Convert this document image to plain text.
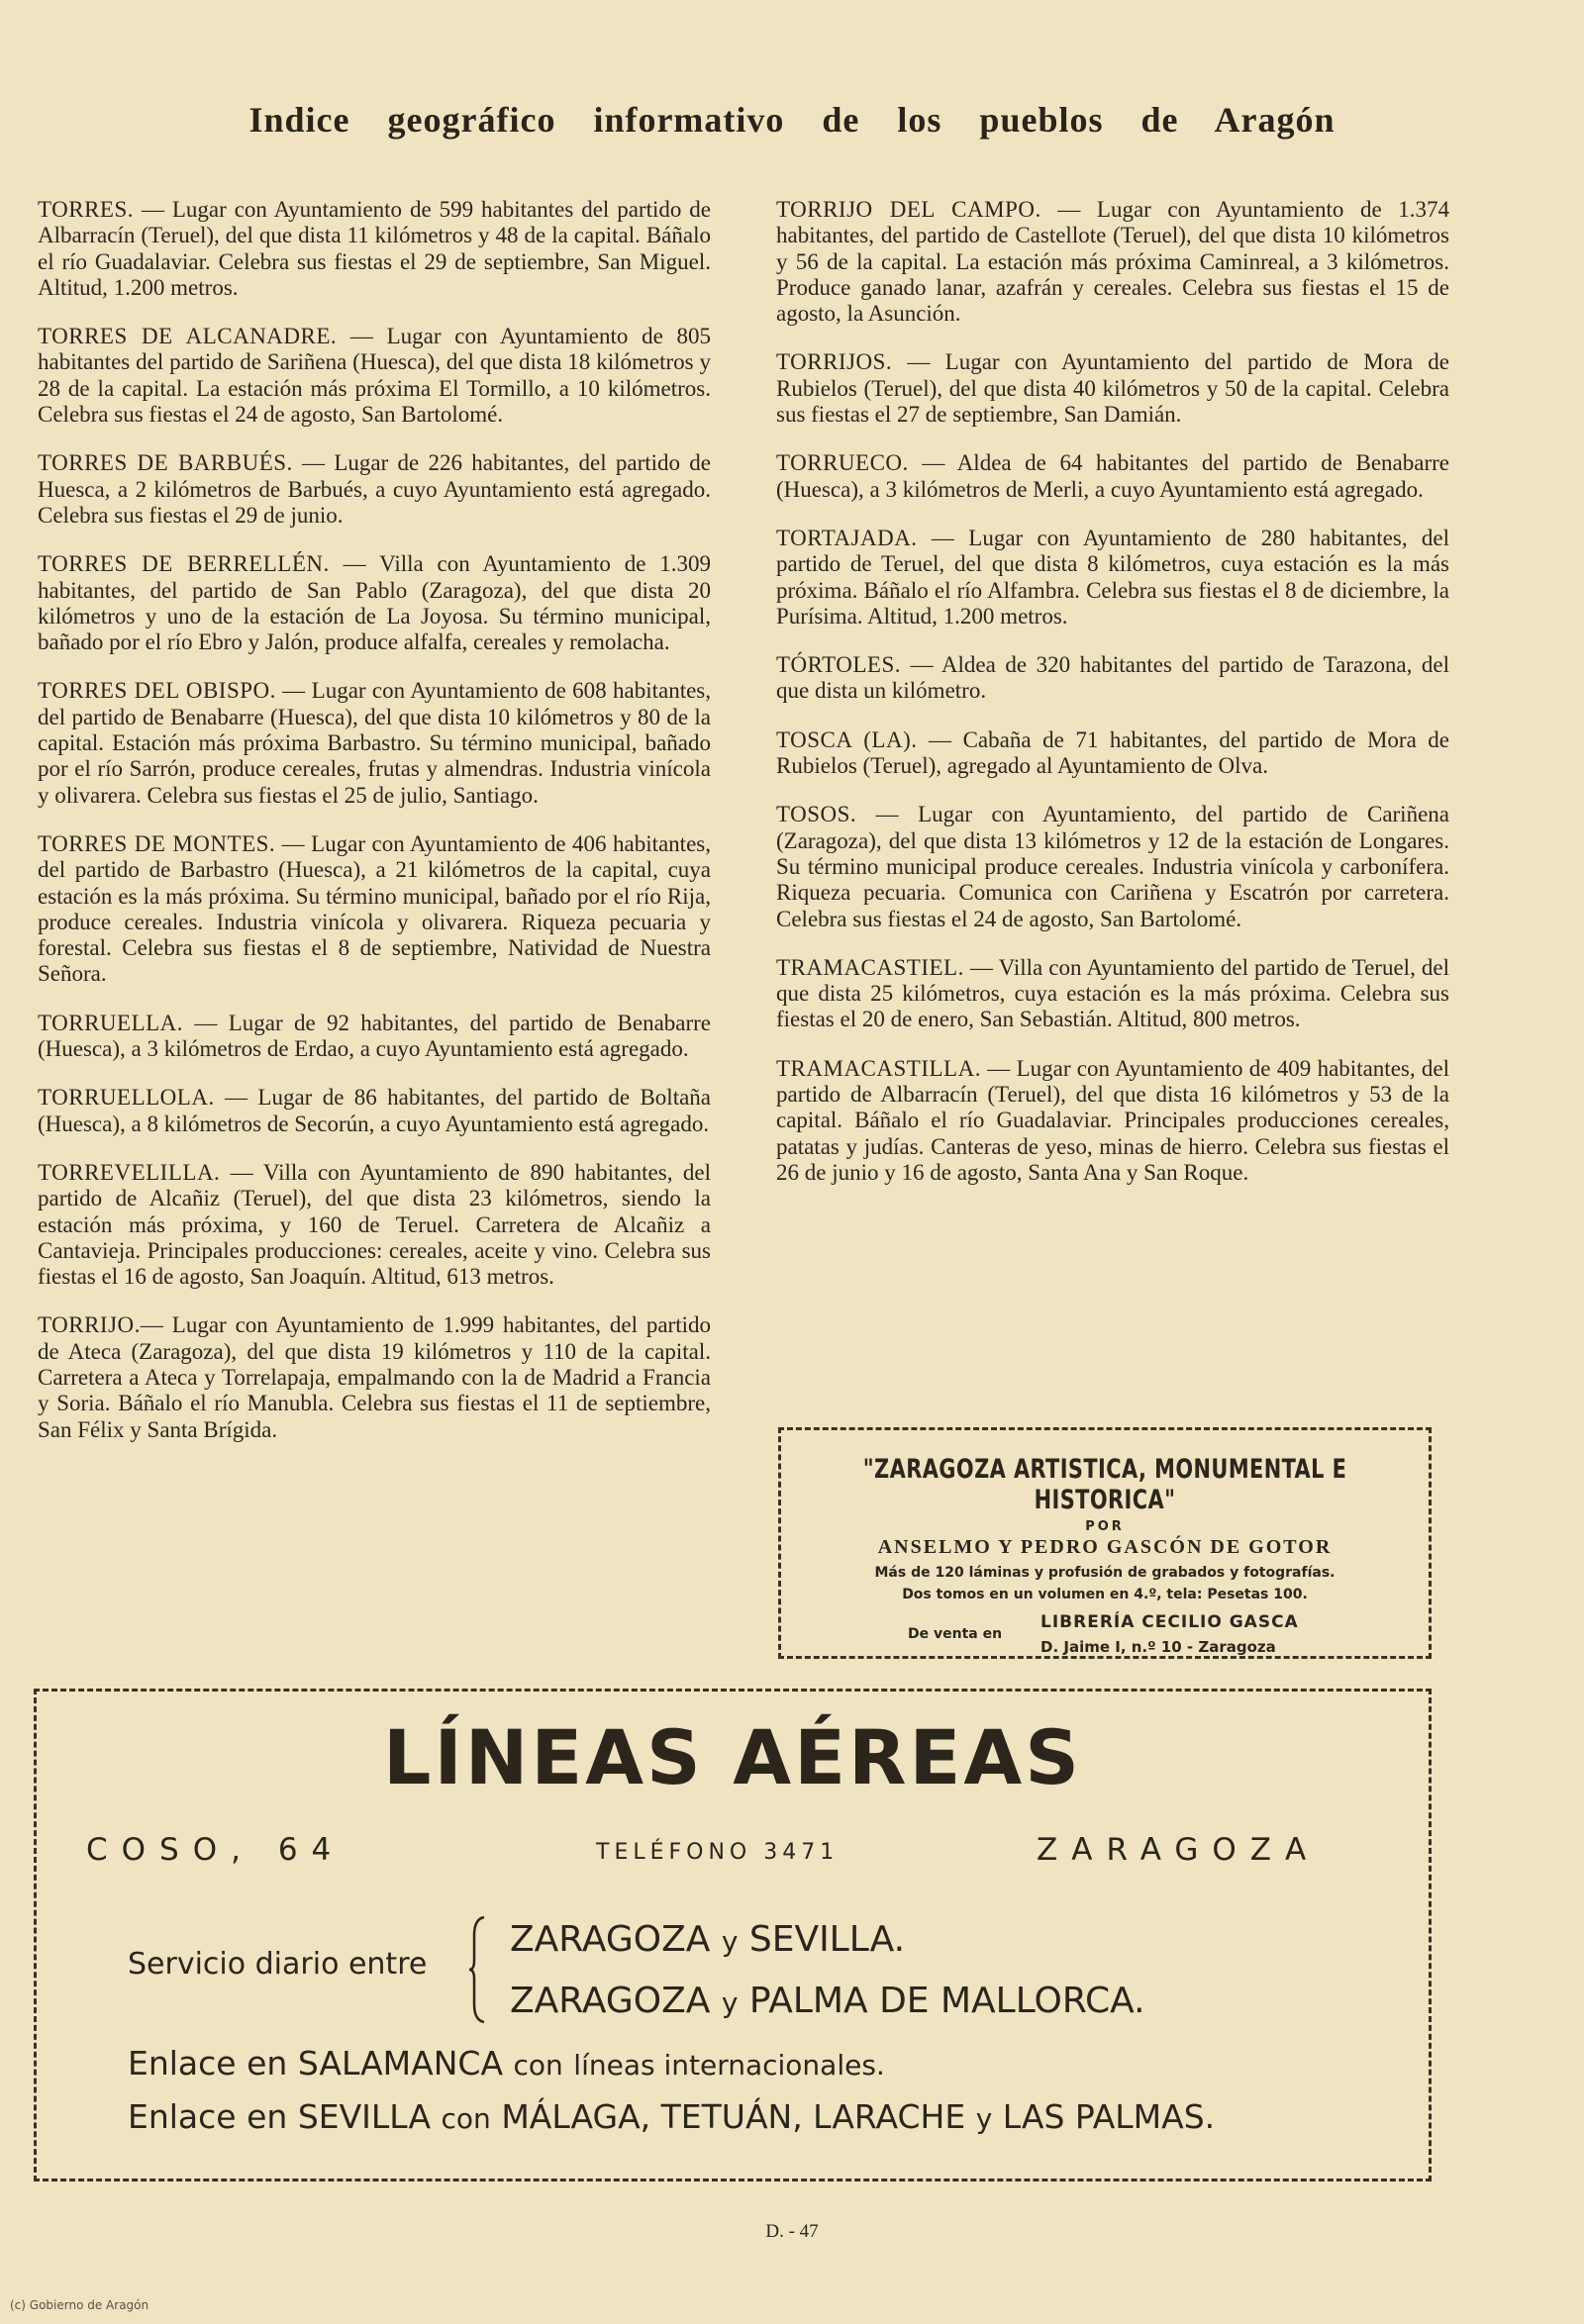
Indice geográfico informativo de los pueblos de Aragón

TORRES. — Lugar con Ayuntamiento de 599 habitantes del partido de Albarracín (Teruel), del que dista 11 kilómetros y 48 de la capital. Báñalo el río Guadalaviar. Celebra sus fiestas el 29 de septiembre, San Miguel. Altitud, 1.200 metros.

TORRES DE ALCANADRE. — Lugar con Ayuntamiento de 805 habitantes del partido de Sariñena (Huesca), del que dista 18 kilómetros y 28 de la capital. La estación más próxima El Tormillo, a 10 kilómetros. Celebra sus fiestas el 24 de agosto, San Bartolomé.

TORRES DE BARBUÉS. — Lugar de 226 habitantes, del partido de Huesca, a 2 kilómetros de Barbués, a cuyo Ayuntamiento está agregado. Celebra sus fiestas el 29 de junio.

TORRES DE BERRELLÉN. — Villa con Ayuntamiento de 1.309 habitantes, del partido de San Pablo (Zaragoza), del que dista 20 kilómetros y uno de la estación de La Joyosa. Su término municipal, bañado por el río Ebro y Jalón, produce alfalfa, cereales y remolacha.

TORRES DEL OBISPO. — Lugar con Ayuntamiento de 608 habitantes, del partido de Benabarre (Huesca), del que dista 10 kilómetros y 80 de la capital. Estación más próxima Barbastro. Su término municipal, bañado por el río Sarrón, produce cereales, frutas y almendras. Industria vinícola y olivarera. Celebra sus fiestas el 25 de julio, Santiago.

TORRES DE MONTES. — Lugar con Ayuntamiento de 406 habitantes, del partido de Barbastro (Huesca), a 21 kilómetros de la capital, cuya estación es la más próxima. Su término municipal, bañado por el río Rija, produce cereales. Industria vinícola y olivarera. Riqueza pecuaria y forestal. Celebra sus fiestas el 8 de septiembre, Natividad de Nuestra Señora.

TORRUELLA. — Lugar de 92 habitantes, del partido de Benabarre (Huesca), a 3 kilómetros de Erdao, a cuyo Ayuntamiento está agregado.

TORRUELLOLA. — Lugar de 86 habitantes, del partido de Boltaña (Huesca), a 8 kilómetros de Secorún, a cuyo Ayuntamiento está agregado.

TORREVELILLA. — Villa con Ayuntamiento de 890 habitantes, del partido de Alcañiz (Teruel), del que dista 23 kilómetros, siendo la estación más próxima, y 160 de Teruel. Carretera de Alcañiz a Cantavieja. Principales producciones: cereales, aceite y vino. Celebra sus fiestas el 16 de agosto, San Joaquín. Altitud, 613 metros.

TORRIJO.— Lugar con Ayuntamiento de 1.999 habitantes, del partido de Ateca (Zaragoza), del que dista 19 kilómetros y 110 de la capital. Carretera a Ateca y Torrelapaja, empalmando con la de Madrid a Francia y Soria. Báñalo el río Manubla. Celebra sus fiestas el 11 de septiembre, San Félix y Santa Brígida.

TORRIJO DEL CAMPO. — Lugar con Ayuntamiento de 1.374 habitantes, del partido de Castellote (Teruel), del que dista 10 kilómetros y 56 de la capital. La estación más próxima Caminreal, a 3 kilómetros. Produce ganado lanar, azafrán y cereales. Celebra sus fiestas el 15 de agosto, la Asunción.

TORRIJOS. — Lugar con Ayuntamiento del partido de Mora de Rubielos (Teruel), del que dista 40 kilómetros y 50 de la capital. Celebra sus fiestas el 27 de septiembre, San Damián.

TORRUECO. — Aldea de 64 habitantes del partido de Benabarre (Huesca), a 3 kilómetros de Merli, a cuyo Ayuntamiento está agregado.

TORTAJADA. — Lugar con Ayuntamiento de 280 habitantes, del partido de Teruel, del que dista 8 kilómetros, cuya estación es la más próxima. Báñalo el río Alfambra. Celebra sus fiestas el 8 de diciembre, la Purísima. Altitud, 1.200 metros.

TÓRTOLES. — Aldea de 320 habitantes del partido de Tarazona, del que dista un kilómetro.

TOSCA (LA). — Cabaña de 71 habitantes, del partido de Mora de Rubielos (Teruel), agregado al Ayuntamiento de Olva.

TOSOS. — Lugar con Ayuntamiento, del partido de Cariñena (Zaragoza), del que dista 13 kilómetros y 12 de la estación de Longares. Su término municipal produce cereales. Industria vinícola y carbonífera. Riqueza pecuaria. Comunica con Cariñena y Escatrón por carretera. Celebra sus fiestas el 24 de agosto, San Bartolomé.

TRAMACASTIEL. — Villa con Ayuntamiento del partido de Teruel, del que dista 25 kilómetros, cuya estación es la más próxima. Celebra sus fiestas el 20 de enero, San Sebastián. Altitud, 800 metros.

TRAMACASTILLA. — Lugar con Ayuntamiento de 409 habitantes, del partido de Albarracín (Teruel), del que dista 16 kilómetros y 53 de la capital. Báñalo el río Guadalaviar. Principales producciones cereales, patatas y judías. Canteras de yeso, minas de hierro. Celebra sus fiestas el 26 de junio y 16 de agosto, Santa Ana y San Roque.

"ZARAGOZA ARTISTICA, MONUMENTAL E HISTORICA"
POR
ANSELMO Y PEDRO GASCÓN DE GOTOR
Más de 120 láminas y profusión de grabados y fotografías.
Dos tomos en un volumen en 4.º, tela: Pesetas 100.
De venta en
LIBRERÍA CECILIO GASCA
D. Jaime I, n.º 10 - Zaragoza
LÍNEAS AÉREAS
COSO, 64	TELÉFONO 3471	ZARAGOZA
Servicio diario entre
ZARAGOZA y SEVILLA.
ZARAGOZA y PALMA DE MALLORCA.
Enlace en SALAMANCA con líneas internacionales.
Enlace en SEVILLA con MÁLAGA, TETUÁN, LARACHE y LAS PALMAS.
D. - 47
(c) Gobierno de Aragón
